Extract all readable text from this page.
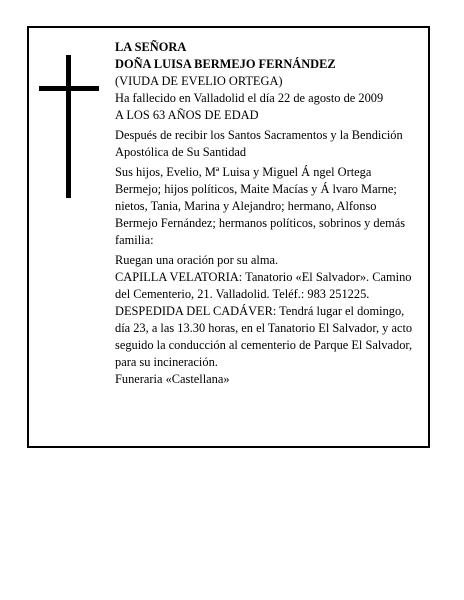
LA SEÑORA

DOÑA LUISA BERMEJO FERNÁNDEZ

(VIUDA DE EVELIO ORTEGA)

Ha fallecido en Valladolid el día 22 de agosto de 2009

A LOS 63 AÑOS DE EDAD

Después de recibir los Santos Sacramentos y la Bendición Apostólica de Su Santidad

Sus hijos, Evelio, Mª Luisa y Miguel Á ngel Ortega Bermejo; hijos políticos, Maite Macías y Á lvaro Marne; nietos, Tania, Marina y Alejandro; hermano, Alfonso Bermejo Fernández; hermanos políticos, sobrinos y demás familia:

Ruegan una oración por su alma.

CAPILLA VELATORIA: Tanatorio «El Salvador». Camino del Cementerio, 21. Valladolid. Teléf.: 983 251225.

DESPEDIDA DEL CADÁVER: Tendrá lugar el domingo, día 23, a las 13.30 horas, en el Tanatorio El Salvador, y acto seguido la conducción al cementerio de Parque El Salvador, para su incineración.

Funeraria «Castellana»
